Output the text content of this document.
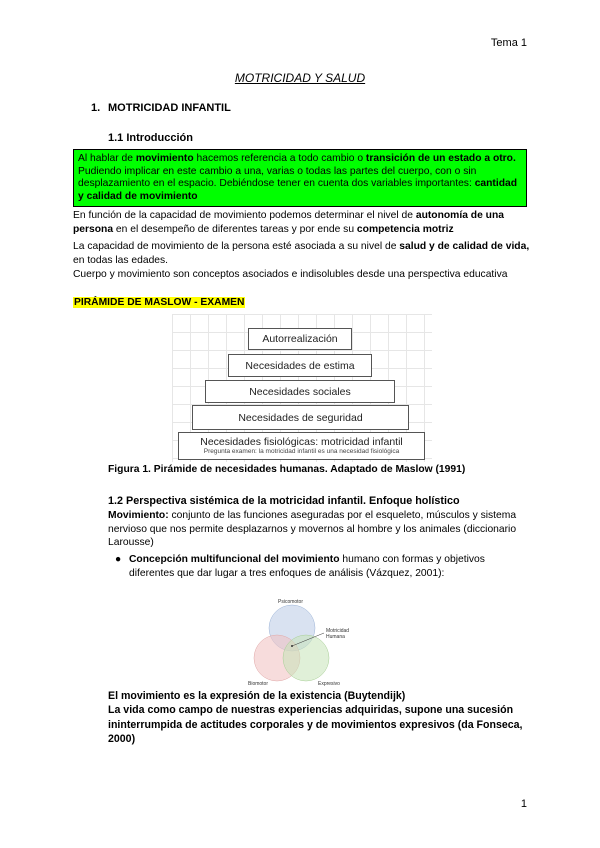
Tema 1
MOTRICIDAD Y SALUD
1. MOTRICIDAD INFANTIL
1.1 Introducción
Al hablar de movimiento hacemos referencia a todo cambio o transición de un estado a otro. Pudiendo implicar en este cambio a una, varias o todas las partes del cuerpo, con o sin desplazamiento en el espacio. Debiéndose tener en cuenta dos variables importantes: cantidad y calidad de movimiento
En función de la capacidad de movimiento podemos determinar el nivel de autonomía de una persona en el desempeño de diferentes tareas y por ende su competencia motriz
La capacidad de movimiento de la persona esté asociada a su nivel de salud y de calidad de vida, en todas las edades.
Cuerpo y movimiento son conceptos asociados e indisolubles desde una perspectiva educativa
PIRÁMIDE DE MASLOW - EXAMEN
Autorrealización
Necesidades de estima
Necesidades sociales
Necesidades de seguridad
Necesidades fisiológicas: motricidad infantil
Pregunta examen: la motricidad infantil es una necesidad fisiológica
Figura 1. Pirámide de necesidades humanas. Adaptado de Maslow (1991)
1.2 Perspectiva sistémica de la motricidad infantil. Enfoque holístico
Movimiento: conjunto de las funciones aseguradas por el esqueleto, músculos y sistema nervioso que nos permite desplazarnos y movernos al hombre y los animales (diccionario Larousse)
● Concepción multifuncional del movimiento humano con formas y objetivos diferentes que dar lugar a tres enfoques de análisis (Vázquez, 2001):
Psicomotor
Motricidad
Humana
Biomotor	Expresivo
El movimiento es la expresión de la existencia (Buytendijk)
La vida como campo de nuestras experiencias adquiridas, supone una sucesión ininterrumpida de actitudes corporales y de movimientos expresivos (da Fonseca, 2000)
1
